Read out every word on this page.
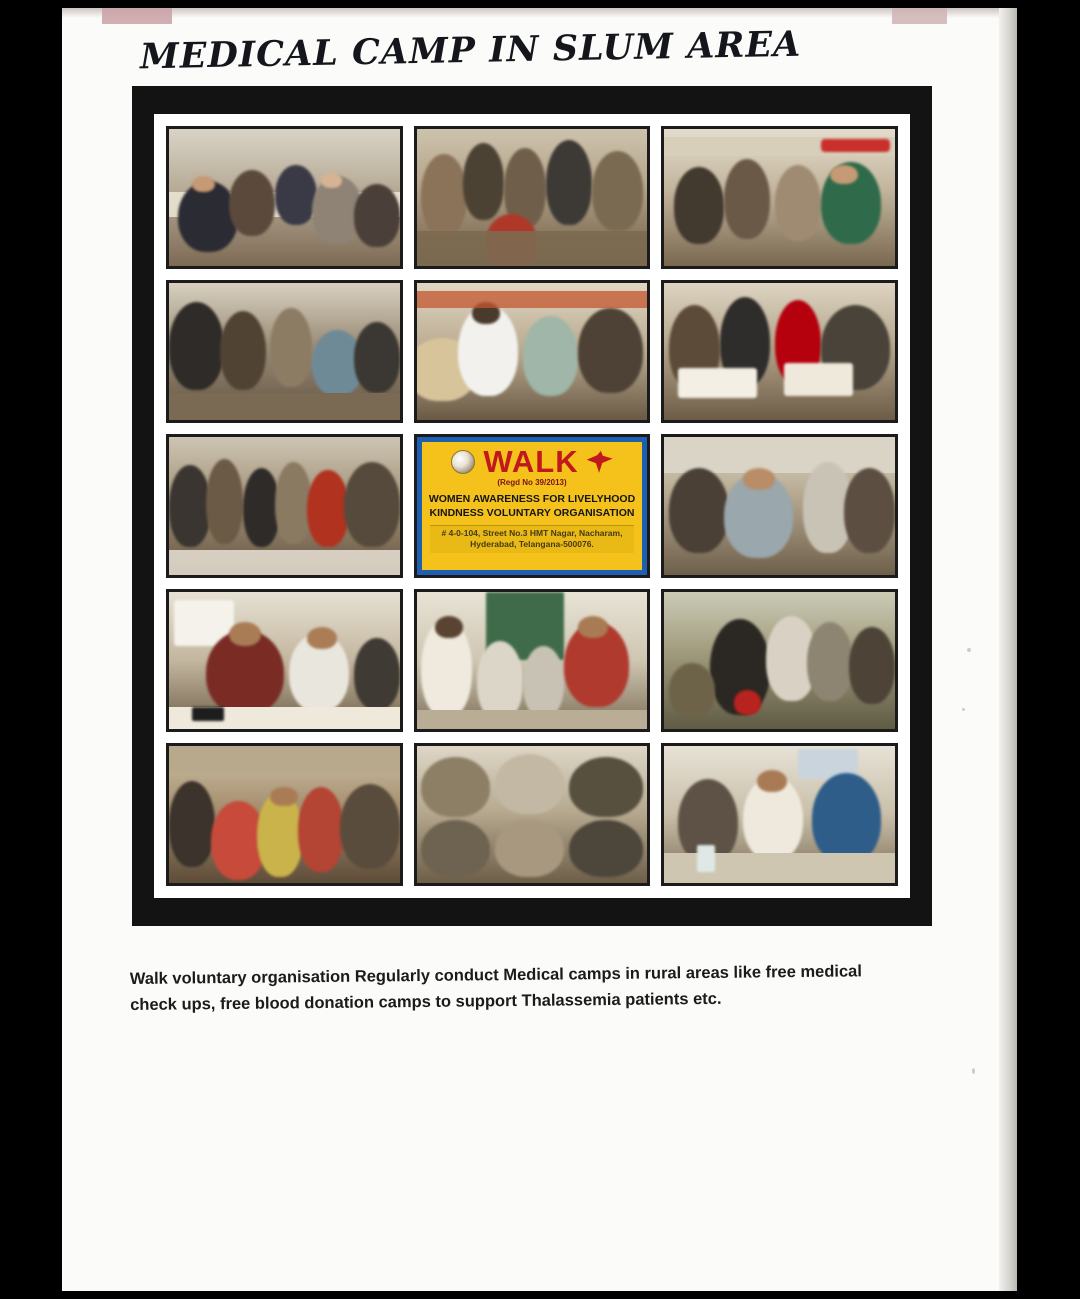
MEDICAL CAMP IN SLUM AREA
WALK
(Regd No 39/2013)
WOMEN AWARENESS FOR LIVELYHOOD
KINDNESS VOLUNTARY ORGANISATION
# 4-0-104, Street No.3 HMT Nagar, Nacharam,
Hyderabad, Telangana-500076.
Walk voluntary organisation Regularly conduct Medical camps in rural areas like free medical check ups, free blood donation camps to support Thalassemia patients etc.
